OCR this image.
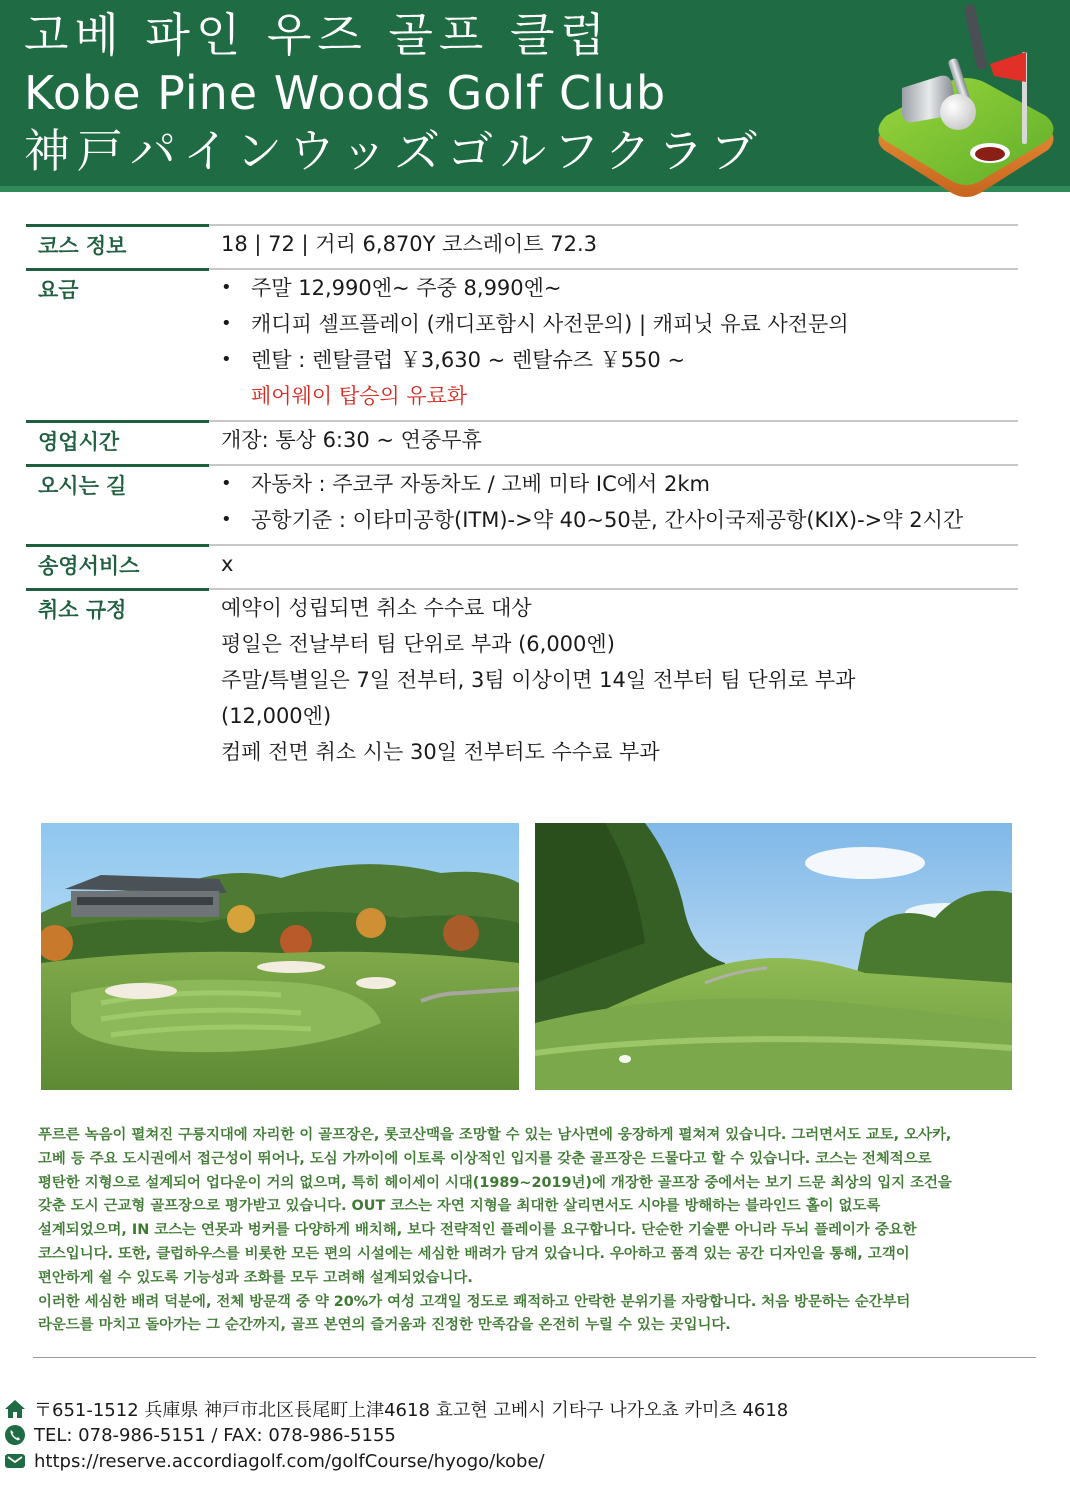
고베 파인 우즈 골프 클럽
Kobe Pine Woods Golf Club
神戸パインウッズゴルフクラブ
코스 정보	18 | 72 | 거리 6,870Y 코스레이트 72.3
요금	• 주말 12,990엔~ 주중 8,990엔~
• 캐디피 셀프플레이 (캐디포함시 사전문의) | 캐피닛 유료 사전문의
• 렌탈 : 렌탈클럽 ￥3,630 ~ 렌탈슈즈 ￥550 ~
페어웨이 탑승의 유료화
영업시간	개장: 통상 6:30 ~ 연중무휴
오시는 길	• 자동차 : 주코쿠 자동차도 / 고베 미타 IC에서 2km
• 공항기준 : 이타미공항(ITM)->약 40~50분, 간사이국제공항(KIX)->약 2시간
송영서비스	x
취소 규정	예약이 성립되면 취소 수수료 대상
평일은 전날부터 팀 단위로 부과 (6,000엔)
주말/특별일은 7일 전부터, 3팀 이상이면 14일 전부터 팀 단위로 부과
(12,000엔)
컴페 전면 취소 시는 30일 전부터도 수수료 부과
푸르른 녹음이 펼쳐진 구릉지대에 자리한 이 골프장은, 롯코산맥을 조망할 수 있는 남사면에 웅장하게 펼쳐져 있습니다. 그러면서도 교토, 오사카,
고베 등 주요 도시권에서 접근성이 뛰어나, 도심 가까이에 이토록 이상적인 입지를 갖춘 골프장은 드물다고 할 수 있습니다. 코스는 전체적으로
평탄한 지형으로 설계되어 업다운이 거의 없으며, 특히 헤이세이 시대(1989~2019년)에 개장한 골프장 중에서는 보기 드문 최상의 입지 조건을
갖춘 도시 근교형 골프장으로 평가받고 있습니다. OUT 코스는 자연 지형을 최대한 살리면서도 시야를 방해하는 블라인드 홀이 없도록
설계되었으며, IN 코스는 연못과 벙커를 다양하게 배치해, 보다 전략적인 플레이를 요구합니다. 단순한 기술뿐 아니라 두뇌 플레이가 중요한
코스입니다. 또한, 클럽하우스를 비롯한 모든 편의 시설에는 세심한 배려가 담겨 있습니다. 우아하고 품격 있는 공간 디자인을 통해, 고객이
편안하게 쉴 수 있도록 기능성과 조화를 모두 고려해 설계되었습니다.
이러한 세심한 배려 덕분에, 전체 방문객 중 약 20%가 여성 고객일 정도로 쾌적하고 안락한 분위기를 자랑합니다. 처음 방문하는 순간부터
라운드를 마치고 돌아가는 그 순간까지, 골프 본연의 즐거움과 진정한 만족감을 온전히 누릴 수 있는 곳입니다.
〒651-1512 兵庫県 神戸市北区長尾町上津4618 효고현 고베시 기타구 나가오쵸 카미츠 4618
TEL: 078-986-5151 / FAX: 078-986-5155
https://reserve.accordiagolf.com/golfCourse/hyogo/kobe/
